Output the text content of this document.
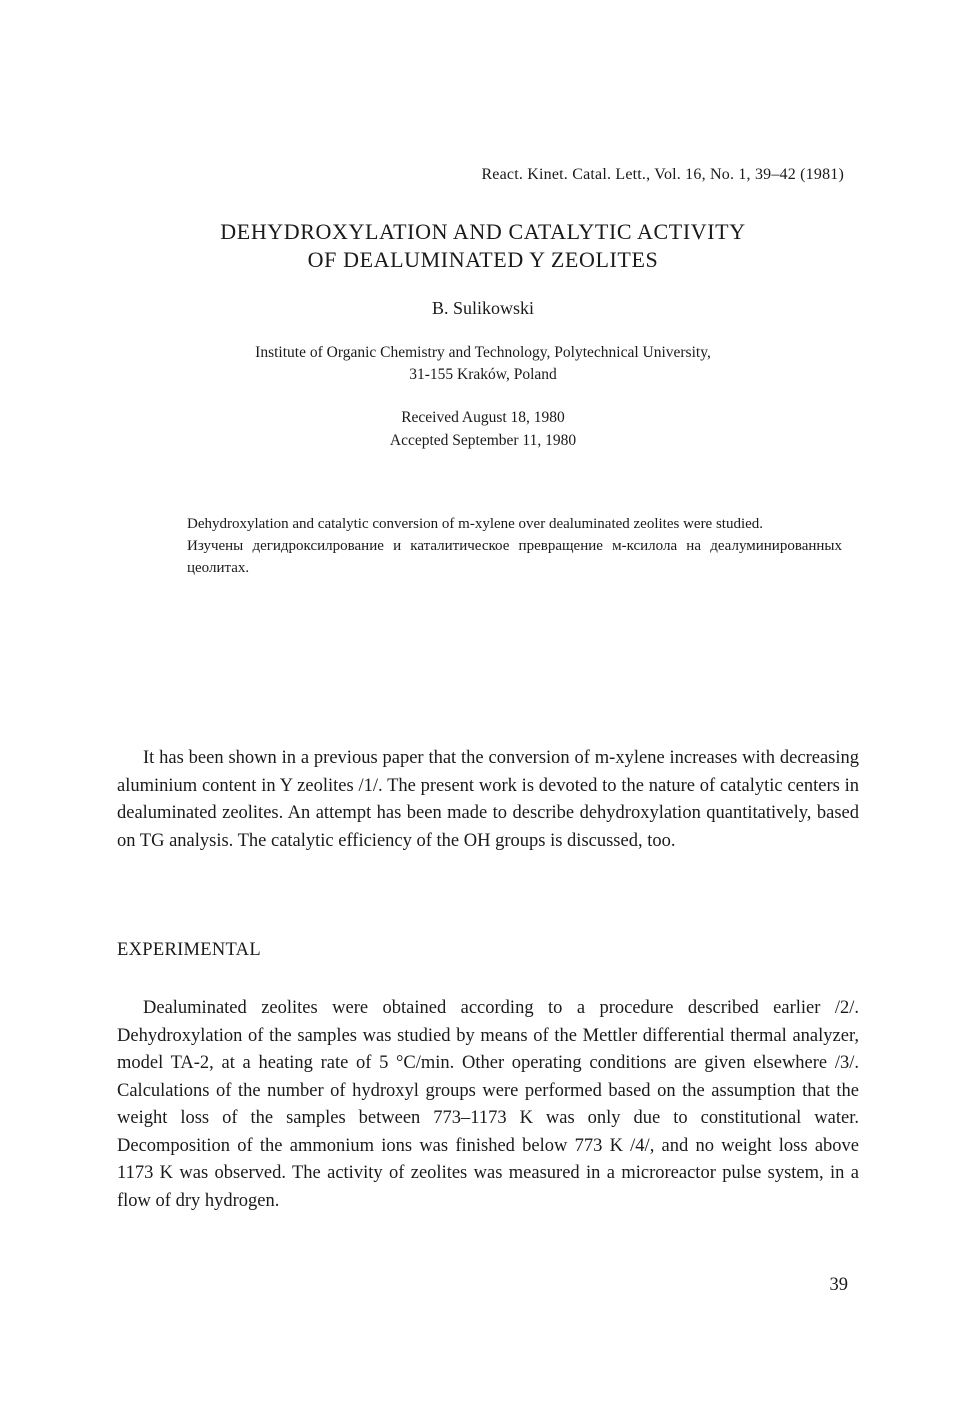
React. Kinet. Catal. Lett., Vol. 16, No. 1, 39–42 (1981)
DEHYDROXYLATION AND CATALYTIC ACTIVITY
OF DEALUMINATED Y ZEOLITES
B. Sulikowski
Institute of Organic Chemistry and Technology, Polytechnical University,
31-155 Kraków, Poland
Received August 18, 1980
Accepted September 11, 1980

Dehydroxylation and catalytic conversion of m-xylene over dealuminated zeolites were studied.

Изучены дегидроксилрование и каталитическое превращение м-ксилола на деалуминированных цеолитах.

It has been shown in a previous paper that the conversion of m-xylene increases with decreasing aluminium content in Y zeolites /1/. The present work is devoted to the nature of catalytic centers in dealuminated zeolites. An attempt has been made to describe dehydroxylation quantitatively, based on TG analysis. The catalytic efficiency of the OH groups is discussed, too.

EXPERIMENTAL

Dealuminated zeolites were obtained according to a procedure described earlier /2/. Dehydroxylation of the samples was studied by means of the Mettler differential thermal analyzer, model TA-2, at a heating rate of 5 °C/min. Other operating conditions are given elsewhere /3/. Calculations of the number of hydroxyl groups were performed based on the assumption that the weight loss of the samples between 773–1173 K was only due to constitutional water. Decomposition of the ammonium ions was finished below 773 K /4/, and no weight loss above 1173 K was observed. The activity of zeolites was measured in a microreactor pulse system, in a flow of dry hydrogen.

39
